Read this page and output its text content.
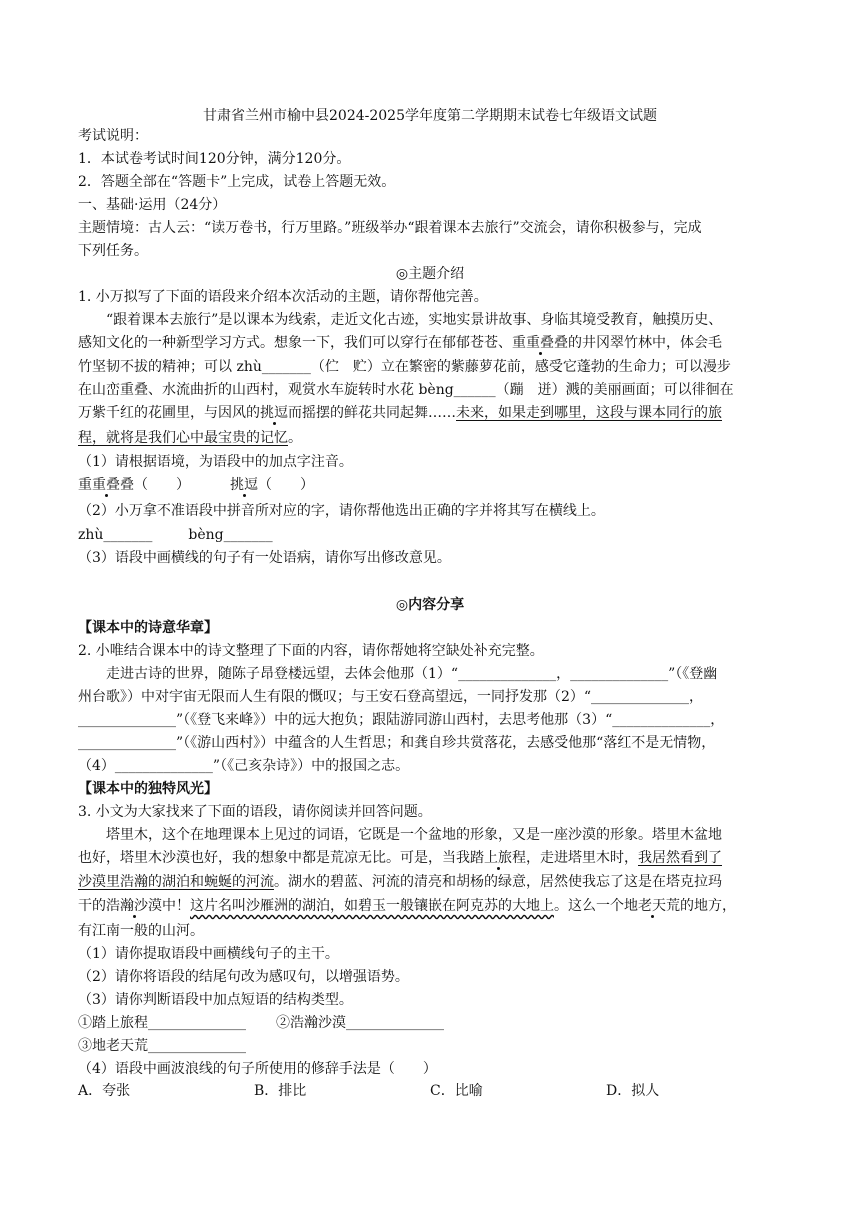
甘肃省兰州市榆中县2024-2025学年度第二学期期末试卷七年级语文试题
考试说明：
1．本试卷考试时间120分钟，满分120分。
2．答题全部在“答题卡”上完成，试卷上答题无效。
一、基础·运用（24分）
主题情境：古人云：“读万卷书，行万里路。”班级举办“跟着课本去旅行”交流会，请你积极参与，完成
下列任务。
◎主题介绍
1. 小万拟写了下面的语段来介绍本次活动的主题，请你帮他完善。
“跟着课本去旅行”是以课本为线索，走近文化古迹，实地实景讲故事、身临其境受教育，触摸历史、
感知文化的一种新型学习方式。想象一下，我们可以穿行在郁郁苍苍、重重叠叠的井冈翠竹林中，体会毛
竹坚韧不拔的精神；可以 zhù_______（伫　贮）立在繁密的紫藤萝花前，感受它蓬勃的生命力；可以漫步
在山峦重叠、水流曲折的山西村，观赏水车旋转时水花 bèng______（蹦　迸）溅的美丽画面；可以徘徊在
万紫千红的花圃里，与因风的挑逗而摇摆的鲜花共同起舞……未来，如果走到哪里，这段与课本同行的旅
程，就将是我们心中最宝贵的记忆。
（1）请根据语境，为语段中的加点字注音。
重重叠叠（　　）	挑逗（　　）
（2）小万拿不准语段中拼音所对应的字，请你帮他选出正确的字并将其写在横线上。
zhù_______	bèng_______
（3）语段中画横线的句子有一处语病，请你写出修改意见。
◎内容分享
【课本中的诗意华章】
2. 小唯结合课本中的诗文整理了下面的内容，请你帮她将空缺处补充完整。
走进古诗的世界，随陈子昂登楼远望，去体会他那（1）“______________，______________”（《登幽
州台歌》）中对宇宙无限而人生有限的慨叹；与王安石登高望远，一同抒发那（2）“______________，
______________”（《登飞来峰》）中的远大抱负；跟陆游同游山西村，去思考他那（3）“______________，
______________”（《游山西村》）中蕴含的人生哲思；和龚自珍共赏落花，去感受他那“落红不是无情物，
（4）______________”（《己亥杂诗》）中的报国之志。
【课本中的独特风光】
3. 小文为大家找来了下面的语段，请你阅读并回答问题。
塔里木，这个在地理课本上见过的词语，它既是一个盆地的形象，又是一座沙漠的形象。塔里木盆地
也好，塔里木沙漠也好，我的想象中都是荒凉无比。可是，当我踏上旅程，走进塔里木时，我居然看到了
沙漠里浩瀚的湖泊和蜿蜒的河流。湖水的碧蓝、河流的清亮和胡杨的绿意，居然使我忘了这是在塔克拉玛
干的浩瀚沙漠中！这片名叫沙雁洲的湖泊，如碧玉一般镶嵌在阿克苏的大地上。这么一个地老天荒的地方，
有江南一般的山河。
（1）请你提取语段中画横线句子的主干。
（2）请你将语段的结尾句改为感叹句，以增强语势。
（3）请你判断语段中加点短语的结构类型。
①踏上旅程______________ ②浩瀚沙漠______________
③地老天荒______________
（4）语段中画波浪线的句子所使用的修辞手法是（　　）
A．夸张	B．排比	C．比喻	D．拟人
